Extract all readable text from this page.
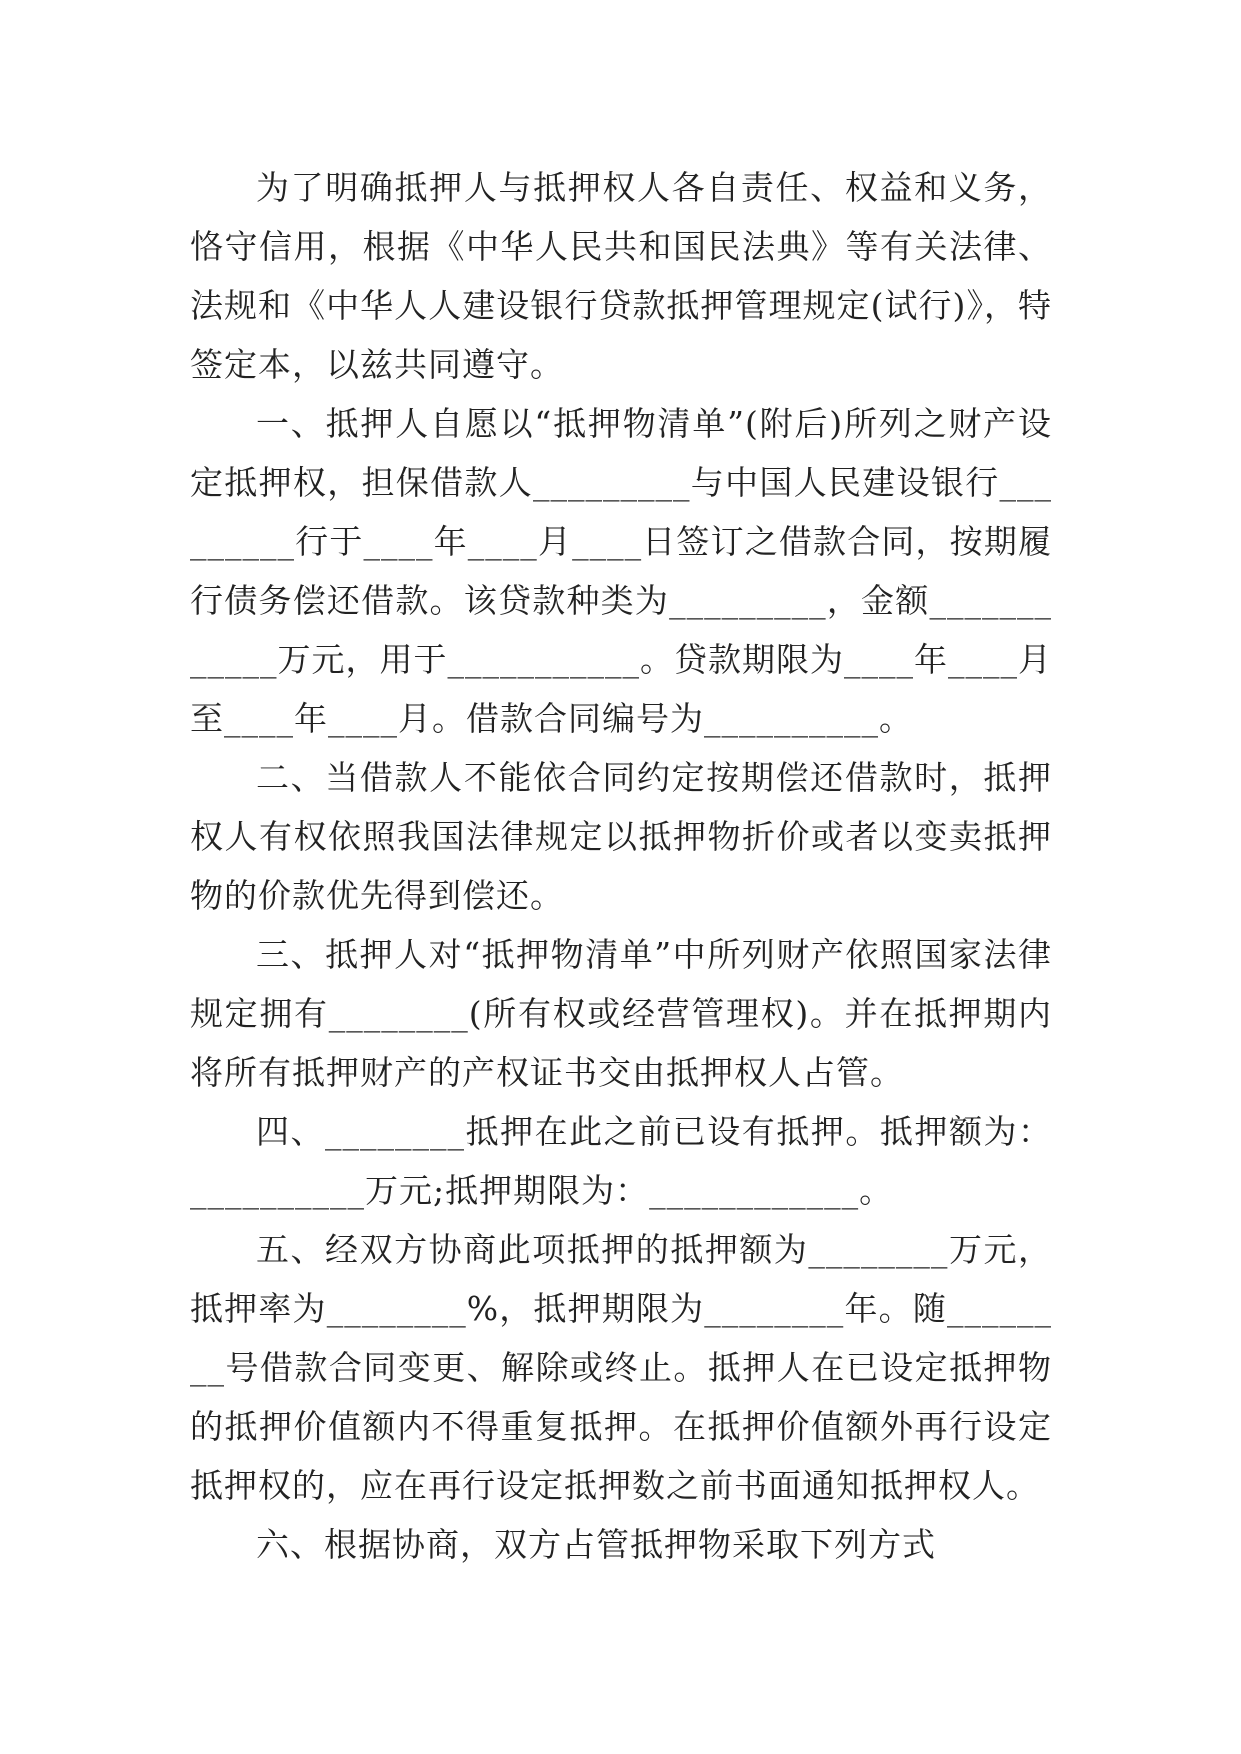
为了明确抵押人与抵押权人各自责任、权益和义务，恪守信用，根据《中华人民共和国民法典》等有关法律、法规和《中华人人建设银行贷款抵押管理规定(试行)》，特签定本，以兹共同遵守。

一、抵押人自愿以“抵押物清单”(附后)所列之财产设定抵押权，担保借款人_________与中国人民建设银行_________行于____年____月____日签订之借款合同，按期履行债务偿还借款。该贷款种类为_________，金额____________万元，用于___________。贷款期限为____年____月至____年____月。借款合同编号为__________。

二、当借款人不能依合同约定按期偿还借款时，抵押权人有权依照我国法律规定以抵押物折价或者以变卖抵押物的价款优先得到偿还。

三、抵押人对“抵押物清单”中所列财产依照国家法律规定拥有________(所有权或经营管理权)。并在抵押期内将所有抵押财产的产权证书交由抵押权人占管。

四、________抵押在此之前已设有抵押。抵押额为：__________万元;抵押期限为：____________。

五、经双方协商此项抵押的抵押额为________万元，抵押率为________%，抵押期限为________年。随________号借款合同变更、解除或终止。抵押人在已设定抵押物的抵押价值额内不得重复抵押。在抵押价值额外再行设定抵押权的，应在再行设定抵押数之前书面通知抵押权人。

六、根据协商，双方占管抵押物采取下列方式
